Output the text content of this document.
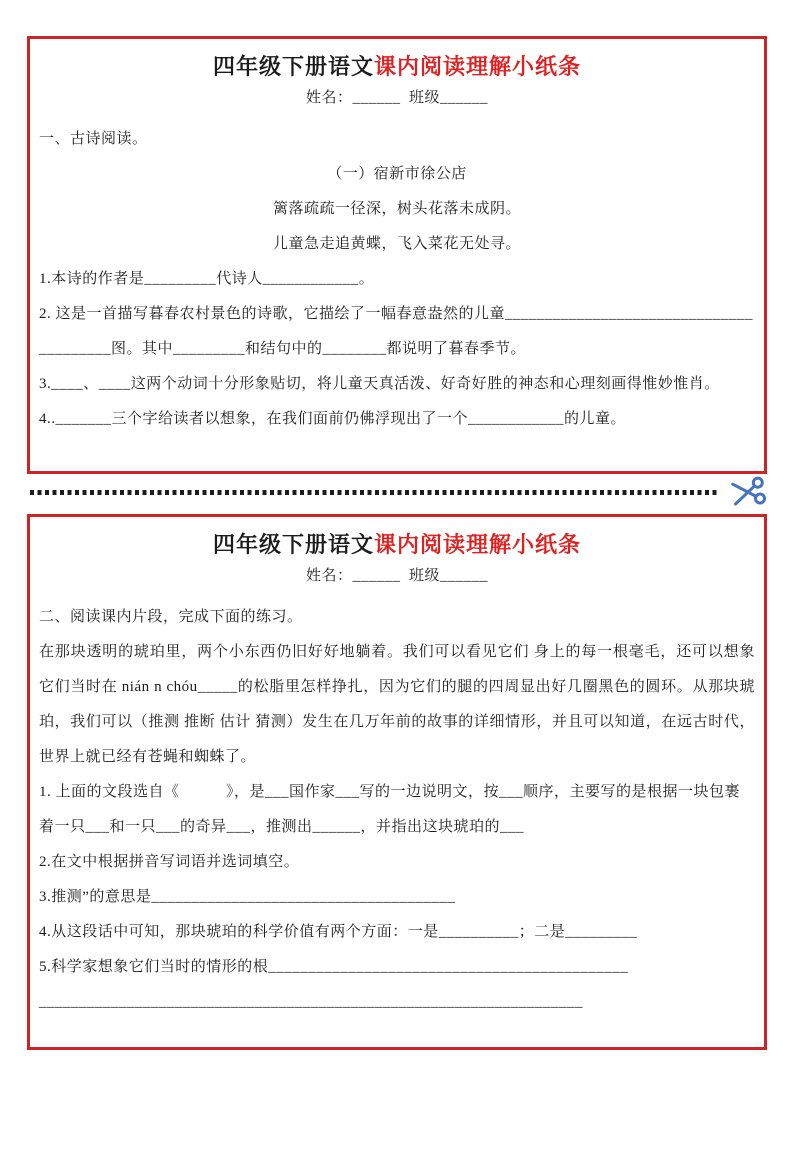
四年级下册语文课内阅读理解小纸条

姓名：______  班级______

一、古诗阅读。

（一）宿新市徐公店

篱落疏疏一径深，树头花落未成阴。

儿童急走追黄蝶，飞入菜花无处寻。

1.本诗的作者是_________代诗人____________。

2. 这是一首描写暮春农村景色的诗歌，它描绘了一幅春意盎然的儿童________________________________________图。其中_________和结句中的________都说明了暮春季节。

3.____、____这两个动词十分形象贴切，将儿童天真活泼、好奇好胜的神态和心理刻画得惟妙惟肖。

4.._______三个字给读者以想象，在我们面前仍佛浮现出了一个____________的儿童。

四年级下册语文课内阅读理解小纸条

姓名：______  班级______

二、阅读课内片段，完成下面的练习。

在那块透明的琥珀里，两个小东西仍旧好好地躺着。我们可以看见它们 身上的每一根毫毛，还可以想象它们当时在 nián n chóu_____的松脂里怎样挣扎，因为它们的腿的四周显出好几圈黑色的圆环。从那块琥珀，我们可以（推测 推断 估计 猜测）发生在几万年前的故事的详细情形，并且可以知道，在远古时代，世界上就已经有苍蝇和蜘蛛了。

1. 上面的文段选自《　　　》，是___国作家___写的一边说明文，按___顺序，主要写的是根据一块包裹着一只___和一只___的奇异___，推测出______，并指出这块琥珀的___

2.在文中根据拼音写词语并选词填空。

3.推测”的意思是______________________________________

4.从这段话中可知，那块琥珀的科学价值有两个方面：一是__________；二是_________

5.科学家想象它们当时的情形的根_____________________________________________

____________________________________________________________________
